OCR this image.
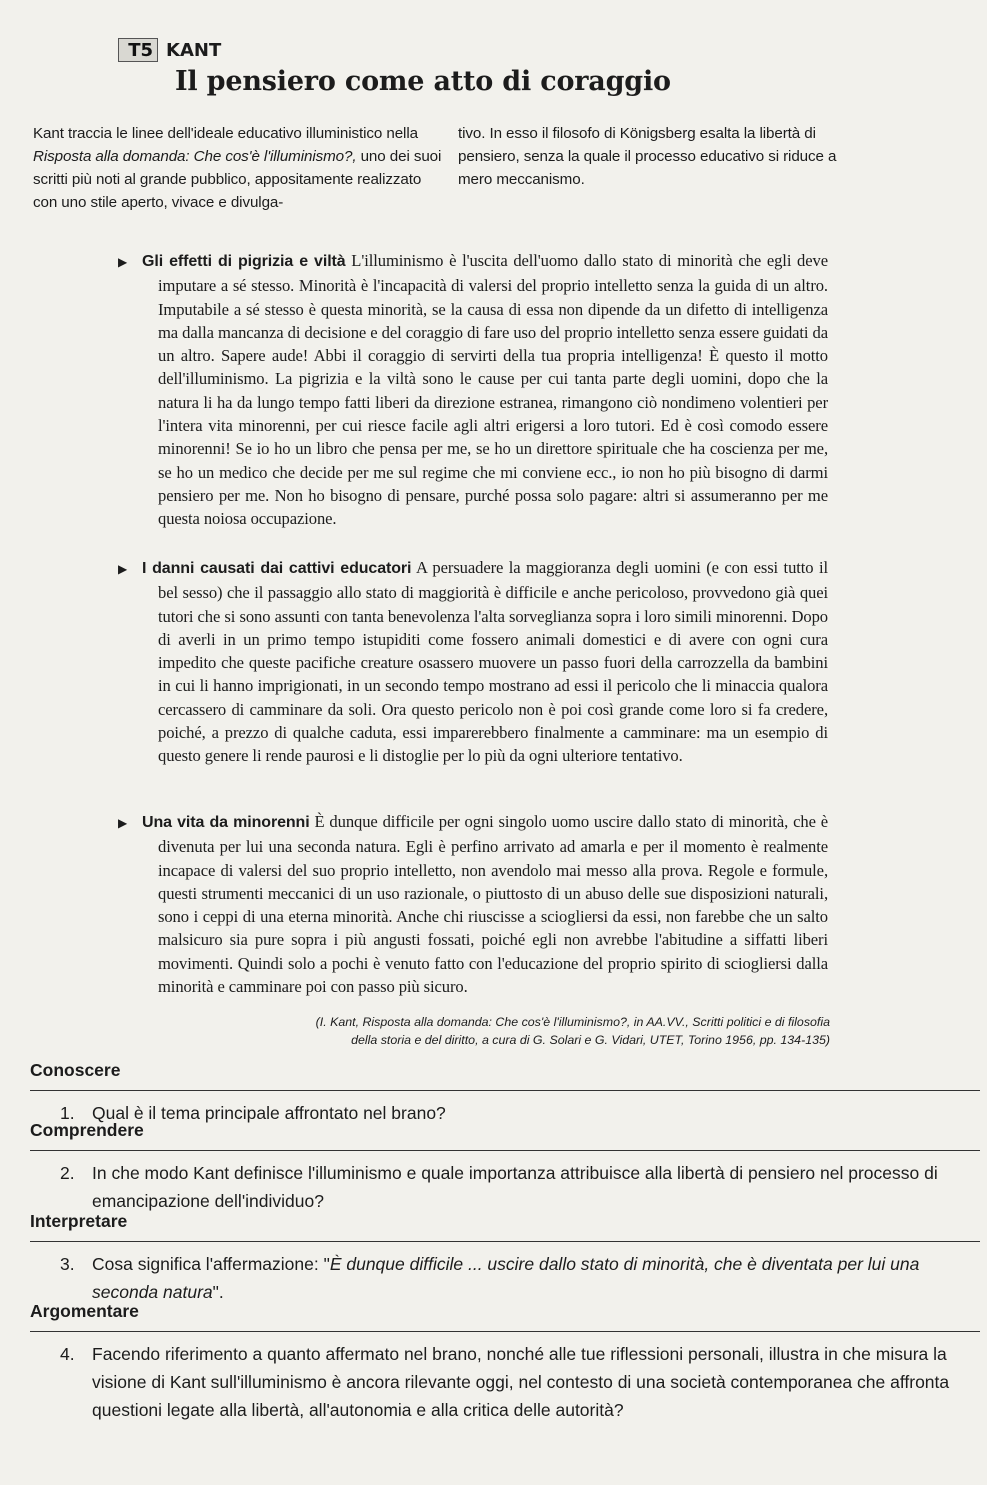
T5 KANT
Il pensiero come atto di coraggio
Kant traccia le linee dell'ideale educativo illuministico nella Risposta alla domanda: Che cos'è l'illuminismo?, uno dei suoi scritti più noti al grande pubblico, appositamente realizzato con uno stile aperto, vivace e divulga-
tivo. In esso il filosofo di Königsberg esalta la libertà di pensiero, senza la quale il processo educativo si riduce a mero meccanismo.

▶ Gli effetti di pigrizia e viltà L'illuminismo è l'uscita dell'uomo dallo stato di minorità che egli deve imputare a sé stesso. Minorità è l'incapacità di valersi del proprio intelletto senza la guida di un altro. Imputabile a sé stesso è questa minorità, se la causa di essa non dipende da un difetto di intelligenza ma dalla mancanza di decisione e del coraggio di fare uso del proprio intelletto senza essere guidati da un altro. Sapere aude! Abbi il coraggio di servirti della tua propria intelligenza! È questo il motto dell'illuminismo. La pigrizia e la viltà sono le cause per cui tanta parte degli uomini, dopo che la natura li ha da lungo tempo fatti liberi da direzione estranea, rimangono ciò nondimeno volentieri per l'intera vita minorenni, per cui riesce facile agli altri erigersi a loro tutori. Ed è così comodo essere minorenni! Se io ho un libro che pensa per me, se ho un direttore spirituale che ha coscienza per me, se ho un medico che decide per me sul regime che mi conviene ecc., io non ho più bisogno di darmi pensiero per me. Non ho bisogno di pensare, purché possa solo pagare: altri si assumeranno per me questa noiosa occupazione.

▶ I danni causati dai cattivi educatori A persuadere la maggioranza degli uomini (e con essi tutto il bel sesso) che il passaggio allo stato di maggiorità è difficile e anche pericoloso, provvedono già quei tutori che si sono assunti con tanta benevolenza l'alta sorveglianza sopra i loro simili minorenni. Dopo di averli in un primo tempo istupiditi come fossero animali domestici e di avere con ogni cura impedito che queste pacifiche creature osassero muovere un passo fuori della carrozzella da bambini in cui li hanno imprigionati, in un secondo tempo mostrano ad essi il pericolo che li minaccia qualora cercassero di camminare da soli. Ora questo pericolo non è poi così grande come loro si fa credere, poiché, a prezzo di qualche caduta, essi imparerebbero finalmente a camminare: ma un esempio di questo genere li rende paurosi e li distoglie per lo più da ogni ulteriore tentativo.

▶ Una vita da minorenni È dunque difficile per ogni singolo uomo uscire dallo stato di minorità, che è divenuta per lui una seconda natura. Egli è perfino arrivato ad amarla e per il momento è realmente incapace di valersi del suo proprio intelletto, non avendolo mai messo alla prova. Regole e formule, questi strumenti meccanici di un uso razionale, o piuttosto di un abuso delle sue disposizioni naturali, sono i ceppi di una eterna minorità. Anche chi riuscisse a sciogliersi da essi, non farebbe che un salto malsicuro sia pure sopra i più angusti fossati, poiché egli non avrebbe l'abitudine a siffatti liberi movimenti. Quindi solo a pochi è venuto fatto con l'educazione del proprio spirito di sciogliersi dalla minorità e camminare poi con passo più sicuro.

(I. Kant, Risposta alla domanda: Che cos'è l'illuminismo?, in AA.VV., Scritti politici e di filosofia
della storia e del diritto, a cura di G. Solari e G. Vidari, UTET, Torino 1956, pp. 134-135)
Conoscere
1. Qual è il tema principale affrontato nel brano?
Comprendere
2. In che modo Kant definisce l'illuminismo e quale importanza attribuisce alla libertà di pensiero nel processo di emancipazione dell'individuo?
Interpretare
3. Cosa significa l'affermazione: "È dunque difficile ... uscire dallo stato di minorità, che è diventata per lui una seconda natura".
Argomentare
4. Facendo riferimento a quanto affermato nel brano, nonché alle tue riflessioni personali, illustra in che misura la visione di Kant sull'illuminismo è ancora rilevante oggi, nel contesto di una società contemporanea che affronta questioni legate alla libertà, all'autonomia e alla critica delle autorità?
